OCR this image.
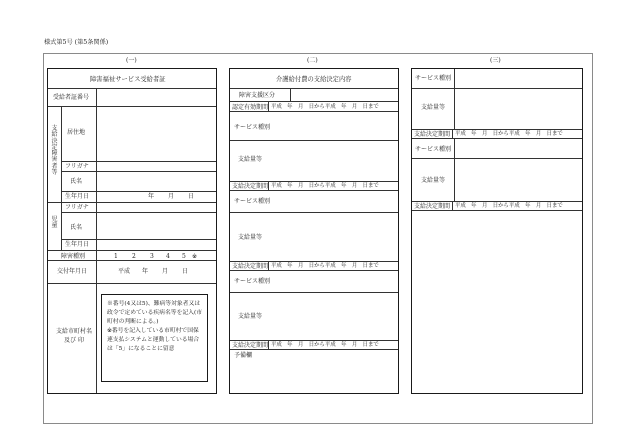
様式第5号 (第5条関係)
(一)	(二)	(三)
障害福祉サービス受給者証
受給者証番号
支給決定障害者等
居住地
フリガナ
氏名
生年月日	年 月 日
児童
フリガナ
氏名
生年月日
障害種別	1 2 3 4 5 ※
交付年月日	平成 年 月 日
支給市町村名及び 印
※番号(4又は5)、難病等対象者又は政令で定めている疾病名等を記入(市町村の判断による。)
※番号を記入している市町村で国保連支払システムと運動している場合は「5」になることに留意
介護給付費の支給決定内容
障害支援区分
認定有効期間 平成　年　月　日から平成　年　月　日まで
サービス種別
支給量等
支給決定期間 平成　年　月　日から平成　年　月　日まで
サービス種別
支給量等
支給決定期間 平成　年　月　日から平成　年　月　日まで
サービス種別
支給量等
支給決定期間 平成　年　月　日から平成　年　月　日まで
予備欄
サービス種別
支給量等
支給決定期間 平成　年　月　日から平成　年　月　日まで
サービス種別
支給量等
支給決定期間 平成　年　月　日から平成　年　月　日まで
